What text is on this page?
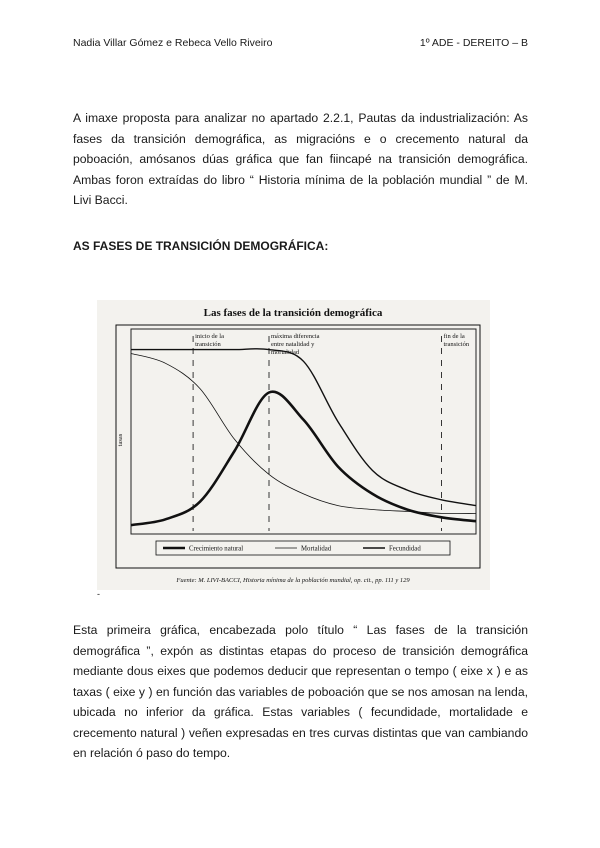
Nadia Villar Gómez e Rebeca Vello Riveiro	1º ADE - DEREITO – B

A imaxe proposta para analizar no apartado 2.2.1, Pautas da industrialización: As fases da transición demográfica, as migracións e o crecemento natural da poboación, amósanos dúas gráfica que fan fiincapé na transición demográfica. Ambas foron extraídas do libro “ Historia mínima de la población mundial ” de M. Livi Bacci.

AS FASES DE TRANSICIÓN DEMOGRÁFICA:
Las fases de la transición demográfica
tasas
inicio de la transición
máxima diferencia entre natalidad y mortalidad
fin de la transición
Crecimiento natural	Mortalidad	Fecundidad
Fuente: M. LIVI-BACCI, Historia mínima de la población mundial, op. cit., pp. 111 y 129
-

Esta primeira gráfica, encabezada polo título “ Las fases de la transición demográfica ”, expón as distintas etapas do proceso de transición demográfica mediante dous eixes que podemos deducir que representan o tempo ( eixe x ) e as taxas ( eixe y ) en función das variables de poboación que se nos amosan na lenda, ubicada no inferior da gráfica. Estas variables ( fecundidade, mortalidade e crecemento natural ) veñen expresadas en tres curvas distintas que van cambiando en relación ó paso do tempo.
